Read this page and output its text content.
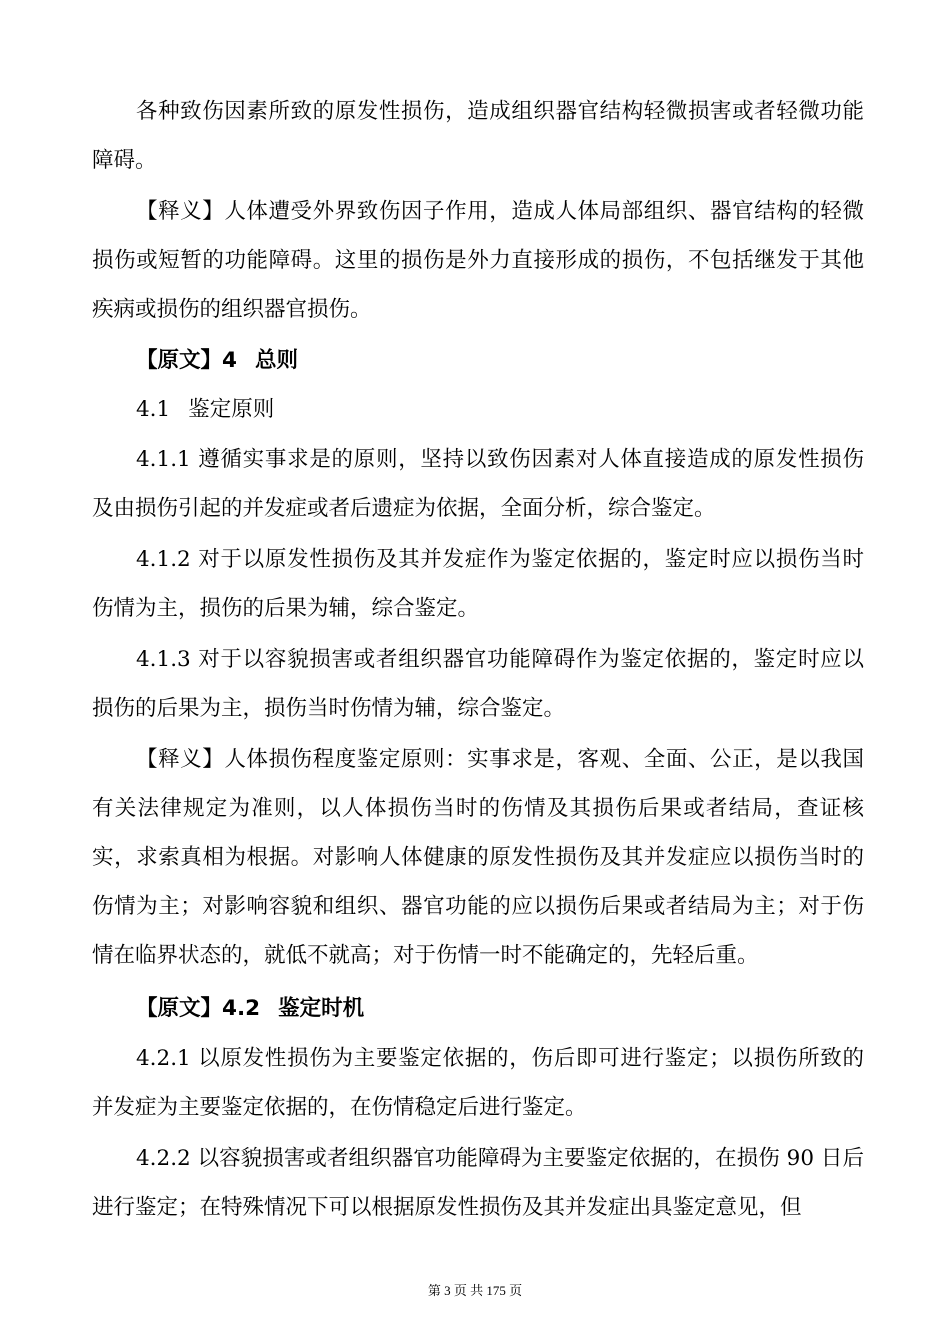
各种致伤因素所致的原发性损伤，造成组织器官结构轻微损害或者轻微功能障碍。

【释义】人体遭受外界致伤因子作用，造成人体局部组织、器官结构的轻微损伤或短暂的功能障碍。这里的损伤是外力直接形成的损伤，不包括继发于其他疾病或损伤的组织器官损伤。

【原文】4 总则

4.1 鉴定原则

4.1.1 遵循实事求是的原则，坚持以致伤因素对人体直接造成的原发性损伤及由损伤引起的并发症或者后遗症为依据，全面分析，综合鉴定。

4.1.2 对于以原发性损伤及其并发症作为鉴定依据的，鉴定时应以损伤当时伤情为主，损伤的后果为辅，综合鉴定。

4.1.3 对于以容貌损害或者组织器官功能障碍作为鉴定依据的，鉴定时应以损伤的后果为主，损伤当时伤情为辅，综合鉴定。

【释义】人体损伤程度鉴定原则：实事求是，客观、全面、公正，是以我国有关法律规定为准则，以人体损伤当时的伤情及其损伤后果或者结局，查证核实，求索真相为根据。对影响人体健康的原发性损伤及其并发症应以损伤当时的伤情为主；对影响容貌和组织、器官功能的应以损伤后果或者结局为主；对于伤情在临界状态的，就低不就高；对于伤情一时不能确定的，先轻后重。

【原文】4.2 鉴定时机

4.2.1 以原发性损伤为主要鉴定依据的，伤后即可进行鉴定；以损伤所致的并发症为主要鉴定依据的，在伤情稳定后进行鉴定。

4.2.2 以容貌损害或者组织器官功能障碍为主要鉴定依据的，在损伤 90 日后进行鉴定；在特殊情况下可以根据原发性损伤及其并发症出具鉴定意见，但

第 3 页 共 175 页
